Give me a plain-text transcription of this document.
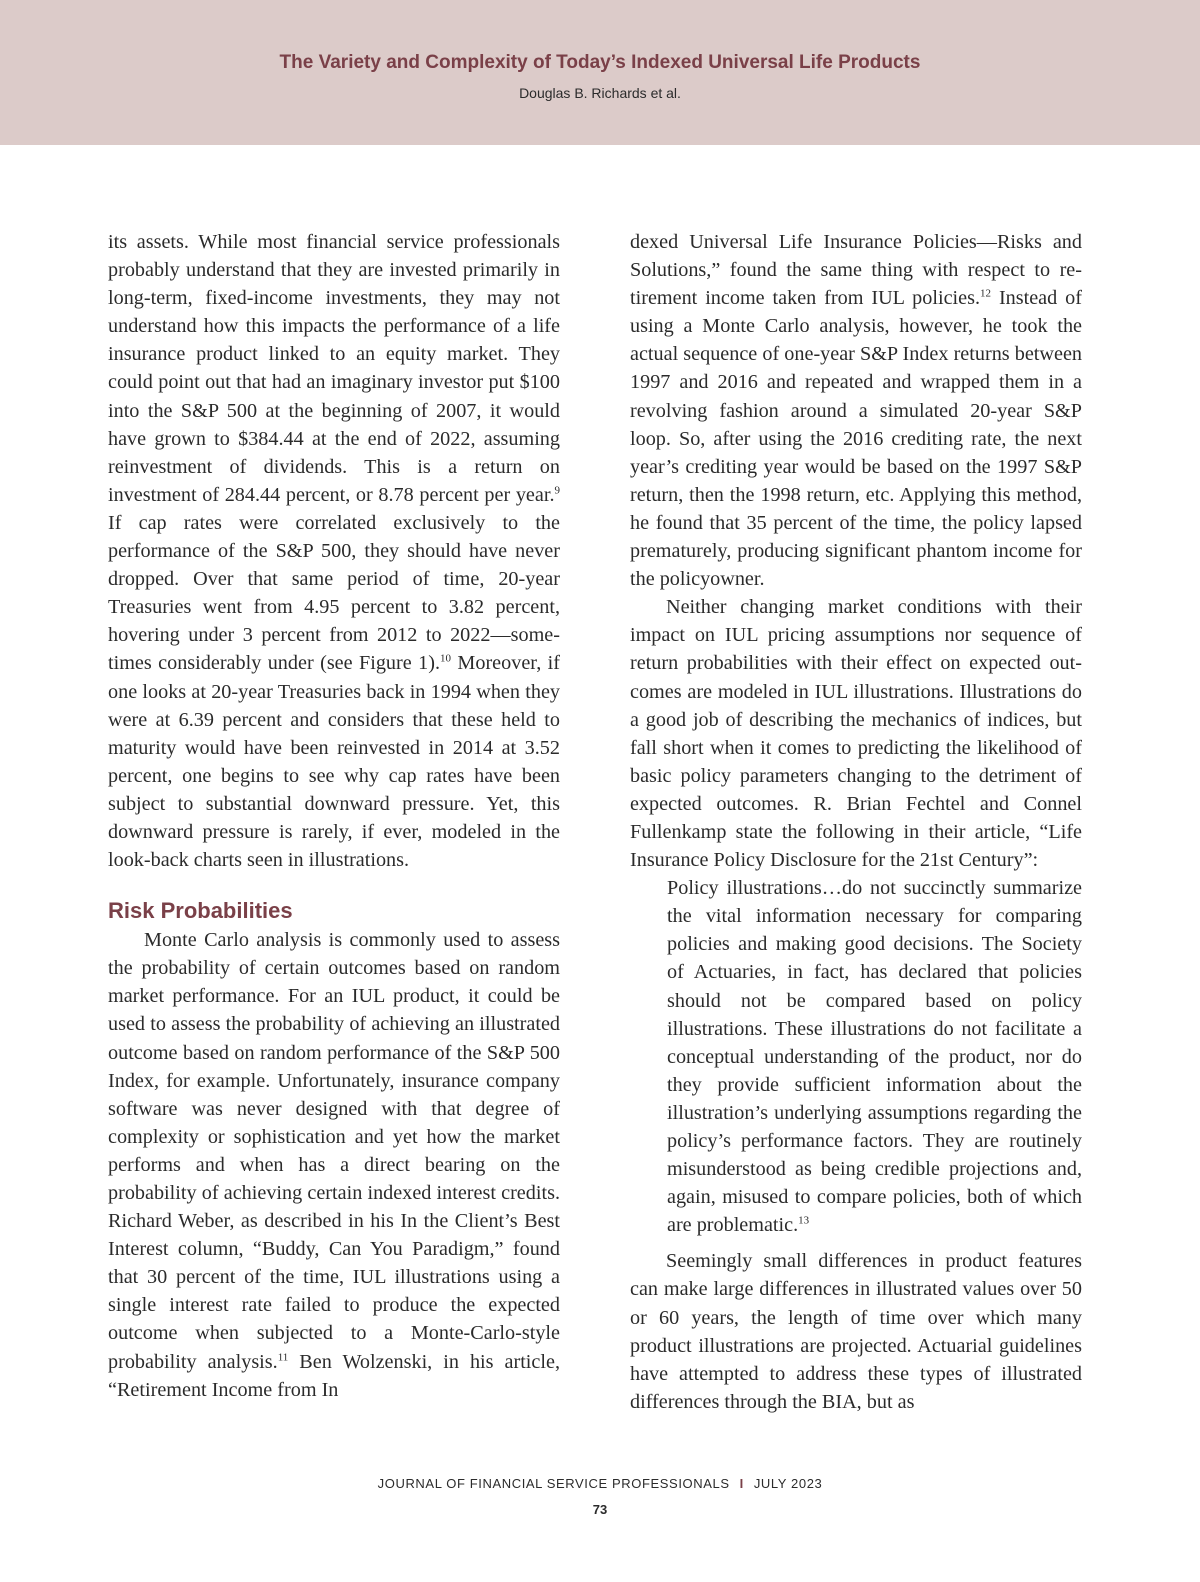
The Variety and Complexity of Today’s Indexed Universal Life Products
Douglas B. Richards et al.

its assets. While most financial service professionals probably understand that they are invested primarily in long-term, fixed-income investments, they may not understand how this impacts the performance of a life insurance product linked to an equity market. They could point out that had an imaginary investor put $100 into the S&P 500 at the beginning of 2007, it would have grown to $384.44 at the end of 2022, assuming reinvestment of dividends. This is a return on investment of 284.44 percent, or 8.78 percent per year.$^9$ If cap rates were correlated exclusively to the performance of the S&P 500, they should have never dropped. Over that same period of time, 20-year Treasuries went from 4.95 percent to 3.82 percent, hovering under 3 percent from 2012 to 2022—sometimes considerably under (see Figure 1).$^{10}$ Moreover, if one looks at 20-year Treasuries back in 1994 when they were at 6.39 percent and considers that these held to maturity would have been reinvested in 2014 at 3.52 percent, one begins to see why cap rates have been subject to substantial downward pressure. Yet, this downward pressure is rarely, if ever, modeled in the look-back charts seen in illustrations.

Risk Probabilities

Monte Carlo analysis is commonly used to assess the probability of certain outcomes based on random market performance. For an IUL product, it could be used to assess the probability of achieving an illustrated outcome based on random performance of the S&P 500 Index, for example. Unfortunately, insurance company software was never designed with that degree of complexity or sophistication and yet how the market performs and when has a direct bearing on the probability of achieving certain indexed interest credits. Richard Weber, as described in his In the Client’s Best Interest column, “Buddy, Can You Paradigm,” found that 30 percent of the time, IUL illustrations using a single interest rate failed to produce the expected outcome when subjected to a Monte-Carlo-style probability analysis.$^{11}$ Ben Wolzenski, in his article, “Retirement Income from In

dexed Universal Life Insurance Policies—Risks and Solutions,” found the same thing with respect to retirement income taken from IUL policies.$^{12}$ Instead of using a Monte Carlo analysis, however, he took the actual sequence of one-year S&P Index returns between 1997 and 2016 and repeated and wrapped them in a revolving fashion around a simulated 20-year S&P loop. So, after using the 2016 crediting rate, the next year’s crediting year would be based on the 1997 S&P return, then the 1998 return, etc. Applying this method, he found that 35 percent of the time, the policy lapsed prematurely, producing significant phantom income for the policyowner.

Neither changing market conditions with their impact on IUL pricing assumptions nor sequence of return probabilities with their effect on expected outcomes are modeled in IUL illustrations. Illustrations do a good job of describing the mechanics of indices, but fall short when it comes to predicting the likelihood of basic policy parameters changing to the detriment of expected outcomes. R. Brian Fechtel and Connel Fullenkamp state the following in their article, “Life Insurance Policy Disclosure for the 21st Century”:

Policy illustrations…do not succinctly summarize the vital information necessary for comparing policies and making good decisions. The Society of Actuaries, in fact, has declared that policies should not be compared based on policy illustrations. These illustrations do not facilitate a conceptual understanding of the product, nor do they provide sufficient information about the illustration’s underlying assumptions regarding the policy’s performance factors. They are routinely misunderstood as being credible projections and, again, misused to compare policies, both of which are problematic.$^{13}$

Seemingly small differences in product features can make large differences in illustrated values over 50 or 60 years, the length of time over which many product illustrations are projected. Actuarial guidelines have attempted to address these types of illustrated differences through the BIA, but as

JOURNAL OF FINANCIAL SERVICE PROFESSIONALS I JULY 2023
73
